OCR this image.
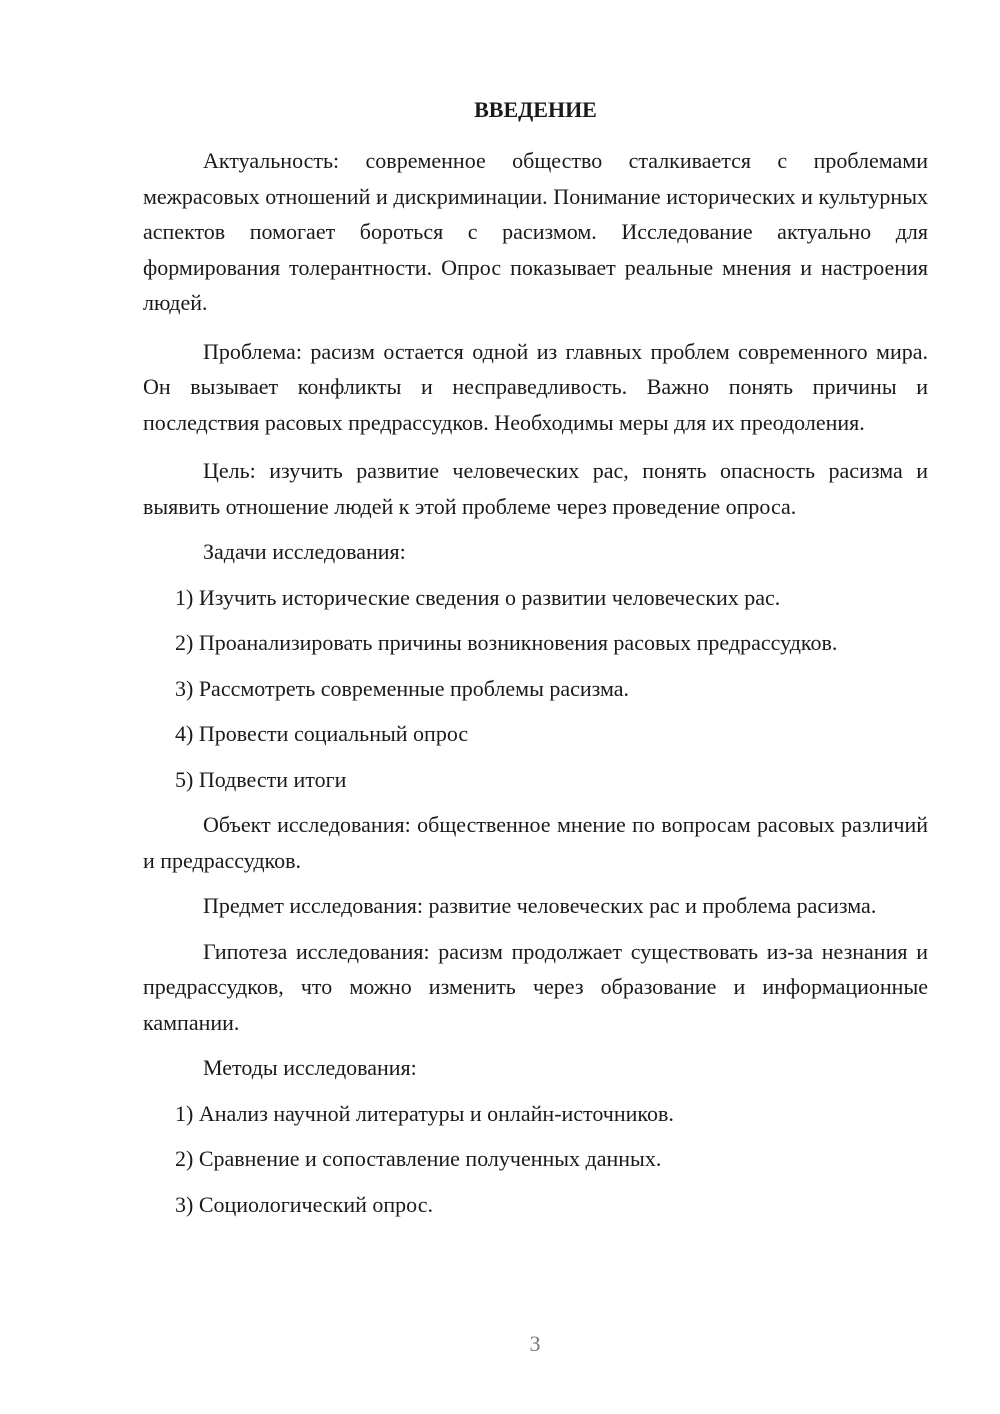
ВВЕДЕНИЕ

Актуальность: современное общество сталкивается с проблемами межрасовых отношений и дискриминации. Понимание исторических и культурных аспектов помогает бороться с расизмом. Исследование актуально для формирования толерантности. Опрос показывает реальные мнения и настроения людей.

Проблема: расизм остается одной из главных проблем современного мира. Он вызывает конфликты и несправедливость. Важно понять причины и последствия расовых предрассудков. Необходимы меры для их преодоления.

Цель: изучить развитие человеческих рас, понять опасность расизма и выявить отношение людей к этой проблеме через проведение опроса.

Задачи исследования:

1) Изучить исторические сведения о развитии человеческих рас.

2) Проанализировать причины возникновения расовых предрассудков.

3) Рассмотреть современные проблемы расизма.

4) Провести социальный опрос

5) Подвести итоги

Объект исследования: общественное мнение по вопросам расовых различий и предрассудков.

Предмет исследования: развитие человеческих рас и проблема расизма.

Гипотеза исследования: расизм продолжает существовать из-за незнания и предрассудков, что можно изменить через образование и информационные кампании.

Методы исследования:

1) Анализ научной литературы и онлайн-источников.

2) Сравнение и сопоставление полученных данных.

3) Социологический опрос.

3
